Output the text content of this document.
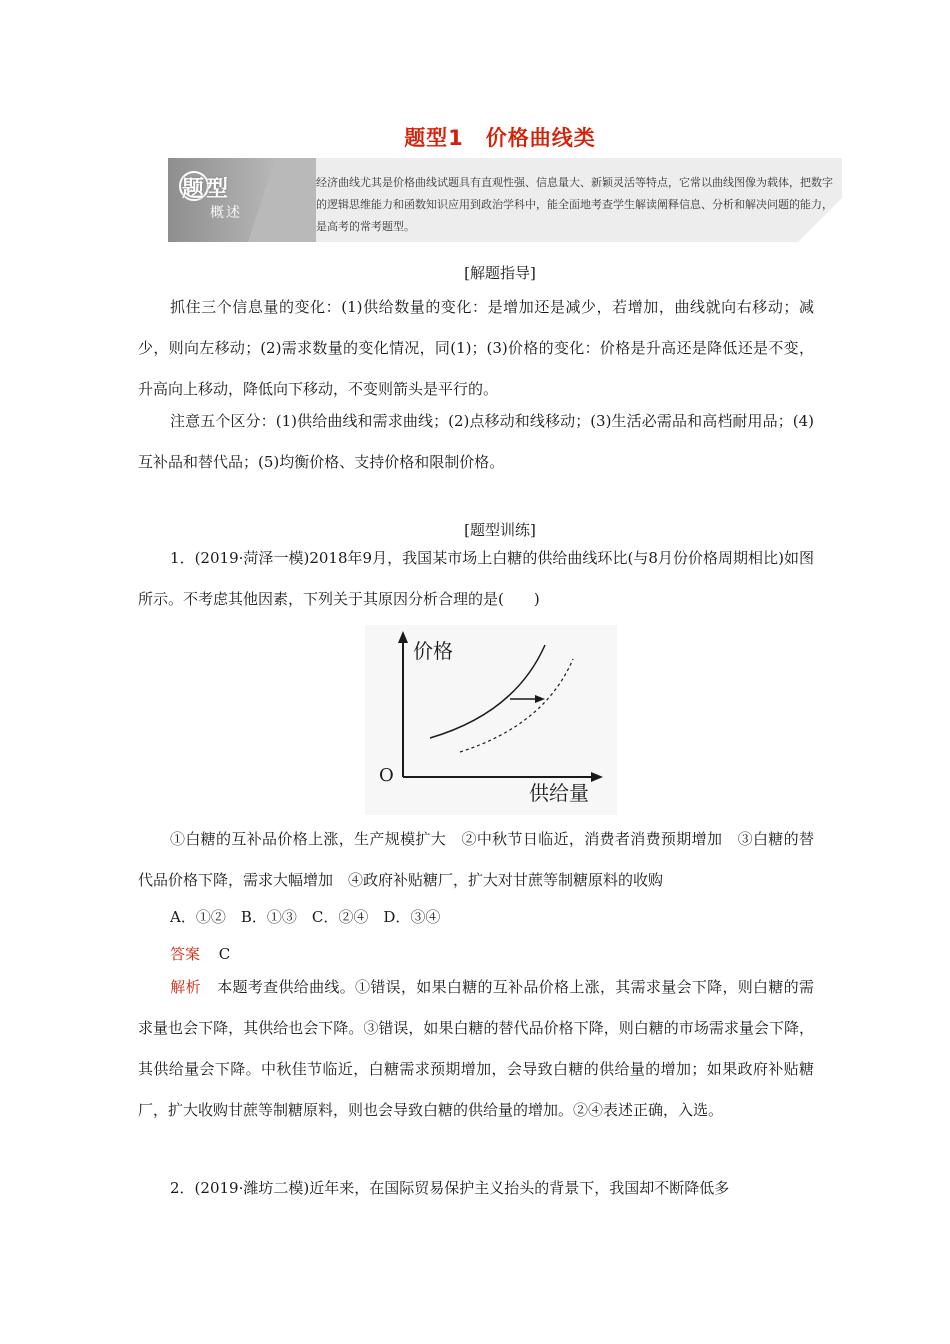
题型1　价格曲线类
题型
概述
经济曲线尤其是价格曲线试题具有直观性强、信息量大、新颖灵活等特点，它常以曲线图像为载体，把数字的逻辑思维能力和函数知识应用到政治学科中，能全面地考查学生解读阐释信息、分析和解决问题的能力，是高考的常考题型。
[解题指导]
抓住三个信息量的变化：(1)供给数量的变化：是增加还是减少，若增加，曲线就向右移动；减少，则向左移动；(2)需求数量的变化情况，同(1)；(3)价格的变化：价格是升高还是降低还是不变，升高向上移动，降低向下移动，不变则箭头是平行的。
注意五个区分：(1)供给曲线和需求曲线；(2)点移动和线移动；(3)生活必需品和高档耐用品；(4)互补品和替代品；(5)均衡价格、支持价格和限制价格。
[题型训练]
1．(2019·菏泽一模)2018年9月，我国某市场上白糖的供给曲线环比(与8月份价格周期相比)如图所示。不考虑其他因素，下列关于其原因分析合理的是(　　)
价格
供给量
O
①白糖的互补品价格上涨，生产规模扩大　②中秋节日临近，消费者消费预期增加　③白糖的替代品价格下降，需求大幅增加　④政府补贴糖厂，扩大对甘蔗等制糖原料的收购
A．①②　B．①③　C．②④　D．③④
答案 C
解析 本题考查供给曲线。①错误，如果白糖的互补品价格上涨，其需求量会下降，则白糖的需求量也会下降，其供给也会下降。③错误，如果白糖的替代品价格下降，则白糖的市场需求量会下降，其供给量会下降。中秋佳节临近，白糖需求预期增加，会导致白糖的供给量的增加；如果政府补贴糖厂，扩大收购甘蔗等制糖原料，则也会导致白糖的供给量的增加。②④表述正确，入选。
2．(2019·潍坊二模)近年来，在国际贸易保护主义抬头的背景下，我国却不断降低多
